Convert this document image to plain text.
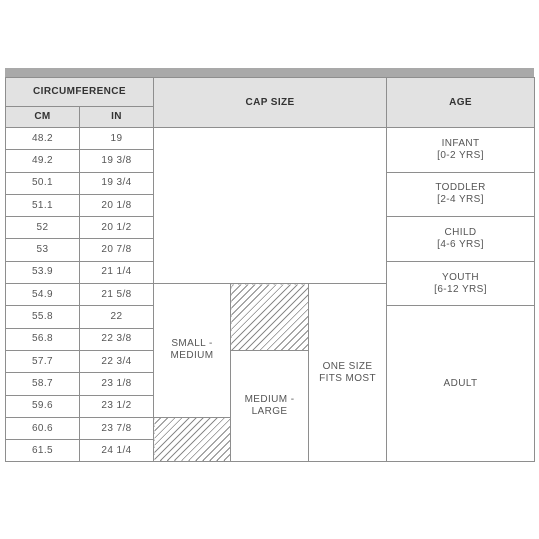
CIRCUMFERENCE		CAP SIZE			AGE
CM	IN				
48.2	19				INFANT
[0-2 YRS]
49.2	19 3/8				
50.1	19 3/4				TODDLER
[2-4 YRS]
51.1	20 1/8				
52	20 1/2				CHILD
[4-6 YRS]
53	20 7/8				
53.9	21 1/4				YOUTH
[6-12 YRS]
54.9	21 5/8	SMALL -
MEDIUM		ONE SIZE
FITS MOST	
55.8	22				ADULT
56.8	22 3/8				
57.7	22 3/4		MEDIUM -
LARGE		
58.7	23 1/8				
59.6	23 1/2				
60.6	23 7/8				
61.5	24 1/4				
